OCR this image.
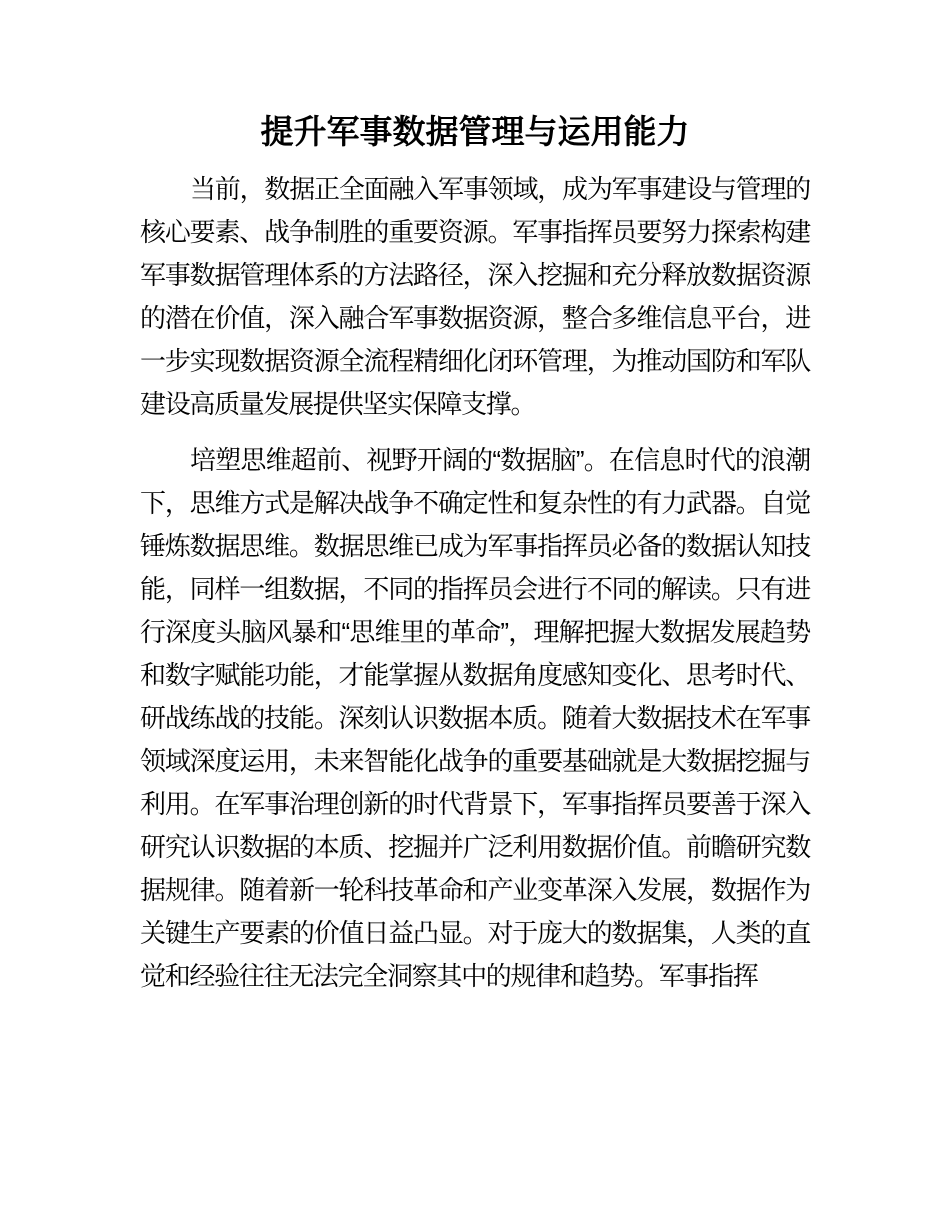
提升军事数据管理与运用能力

当前，数据正全面融入军事领域，成为军事建设与管理的核心要素、战争制胜的重要资源。军事指挥员要努力探索构建军事数据管理体系的方法路径，深入挖掘和充分释放数据资源的潜在价值，深入融合军事数据资源，整合多维信息平台，进一步实现数据资源全流程精细化闭环管理，为推动国防和军队建设高质量发展提供坚实保障支撑。

培塑思维超前、视野开阔的“数据脑”。在信息时代的浪潮下，思维方式是解决战争不确定性和复杂性的有力武器。自觉锤炼数据思维。数据思维已成为军事指挥员必备的数据认知技能，同样一组数据，不同的指挥员会进行不同的解读。只有进行深度头脑风暴和“思维里的革命”，理解把握大数据发展趋势和数字赋能功能，才能掌握从数据角度感知变化、思考时代、研战练战的技能。深刻认识数据本质。随着大数据技术在军事领域深度运用，未来智能化战争的重要基础就是大数据挖掘与利用。在军事治理创新的时代背景下，军事指挥员要善于深入研究认识数据的本质、挖掘并广泛利用数据价值。前瞻研究数据规律。随着新一轮科技革命和产业变革深入发展，数据作为关键生产要素的价值日益凸显。对于庞大的数据集，人类的直觉和经验往往无法完全洞察其中的规律和趋势。军事指挥
